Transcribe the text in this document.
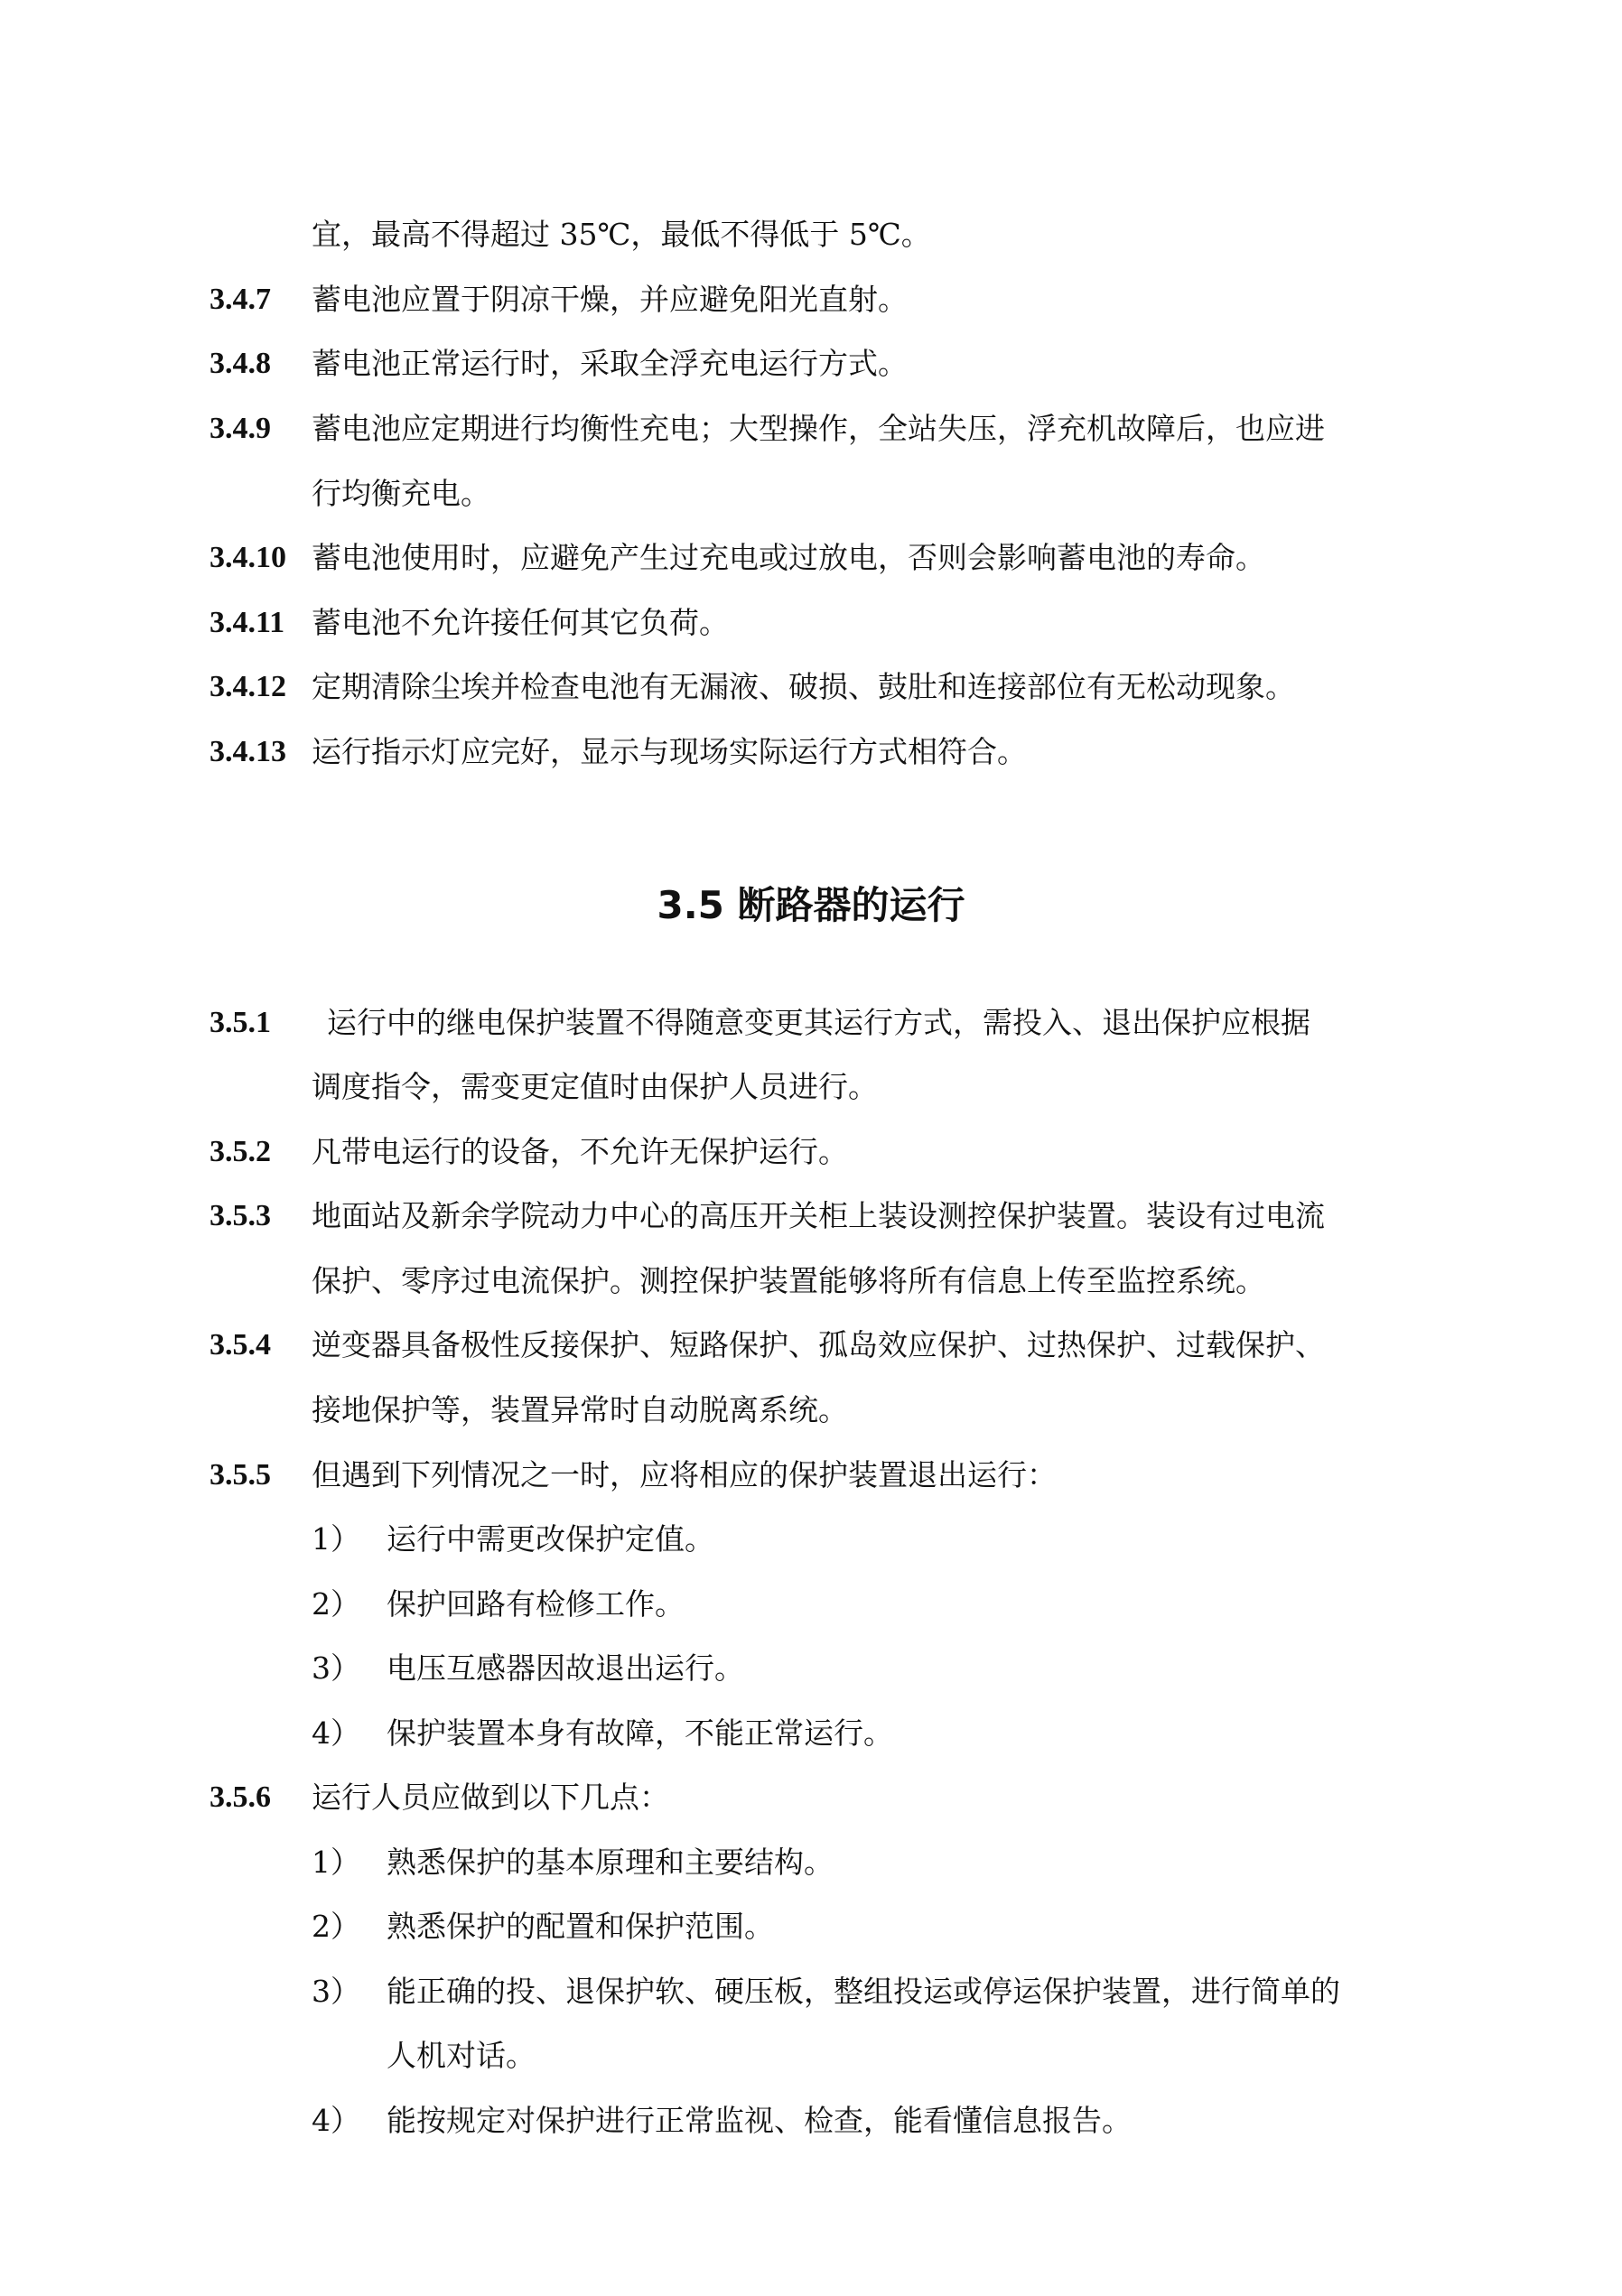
宜，最高不得超过 35℃，最低不得低于 5℃。
3.4.7 蓄电池应置于阴凉干燥，并应避免阳光直射。
3.4.8 蓄电池正常运行时，采取全浮充电运行方式。
3.4.9 蓄电池应定期进行均衡性充电；大型操作，全站失压，浮充机故障后，也应进
行均衡充电。
3.4.10 蓄电池使用时，应避免产生过充电或过放电，否则会影响蓄电池的寿命。
3.4.11 蓄电池不允许接任何其它负荷。
3.4.12 定期清除尘埃并检查电池有无漏液、破损、鼓肚和连接部位有无松动现象。
3.4.13 运行指示灯应完好，显示与现场实际运行方式相符合。
3.5 断路器的运行
3.5.1 运行中的继电保护装置不得随意变更其运行方式，需投入、退出保护应根据
调度指令，需变更定值时由保护人员进行。
3.5.2 凡带电运行的设备，不允许无保护运行。
3.5.3 地面站及新余学院动力中心的高压开关柜上装设测控保护装置。装设有过电流
保护、零序过电流保护。测控保护装置能够将所有信息上传至监控系统。
3.5.4 逆变器具备极性反接保护、短路保护、孤岛效应保护、过热保护、过载保护、
接地保护等，装置异常时自动脱离系统。
3.5.5 但遇到下列情况之一时，应将相应的保护装置退出运行：
1） 运行中需更改保护定值。
2） 保护回路有检修工作。
3） 电压互感器因故退出运行。
4） 保护装置本身有故障，不能正常运行。
3.5.6 运行人员应做到以下几点：
1） 熟悉保护的基本原理和主要结构。
2） 熟悉保护的配置和保护范围。
3） 能正确的投、退保护软、硬压板，整组投运或停运保护装置，进行简单的
人机对话。
4） 能按规定对保护进行正常监视、检查，能看懂信息报告。
